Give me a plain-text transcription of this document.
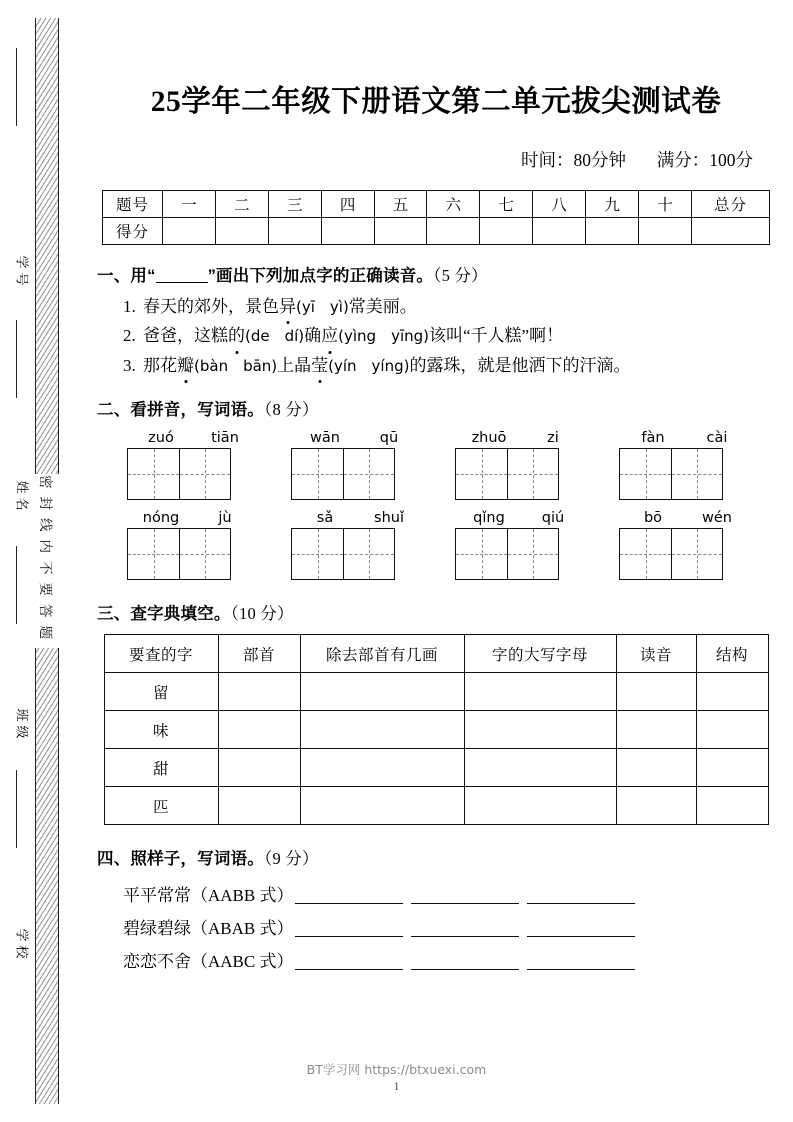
学号
姓名
班级
学校
密封线内不要答题
25学年二年级下册语文第二单元拔尖测试卷
时间：80分钟 满分：100分
题号	一	二	三	四	五	六	七	八	九	十	总分
得分											
一、用“	”画出下列加点字的正确读音。（5 分）
1. 春天的郊外，景色异(yī yì)常美丽。
2. 爸爸，这糕的(de dí)确应(yìng yīng)该叫“千人糕”啊！
3. 那花瓣(bàn bān)上晶莹(yín yíng)的露珠，就是他洒下的汗滴。
二、看拼音，写词语。（8 分）
zuó	tiān	wān	qū	zhuō	zi	fàn	cài
nóng	jù	sǎ	shuǐ	qǐng	qiú	bō	wén
三、查字典填空。（10 分）
要查的字	部首	除去部首有几画	字的大写字母	读音	结构
留					
味					
甜					
匹					
四、照样子，写词语。（9 分）
平平常常（AABB 式）
碧绿碧绿（ABAB 式）
恋恋不舍（AABC 式）
BT学习网 https://btxuexi.com
1
